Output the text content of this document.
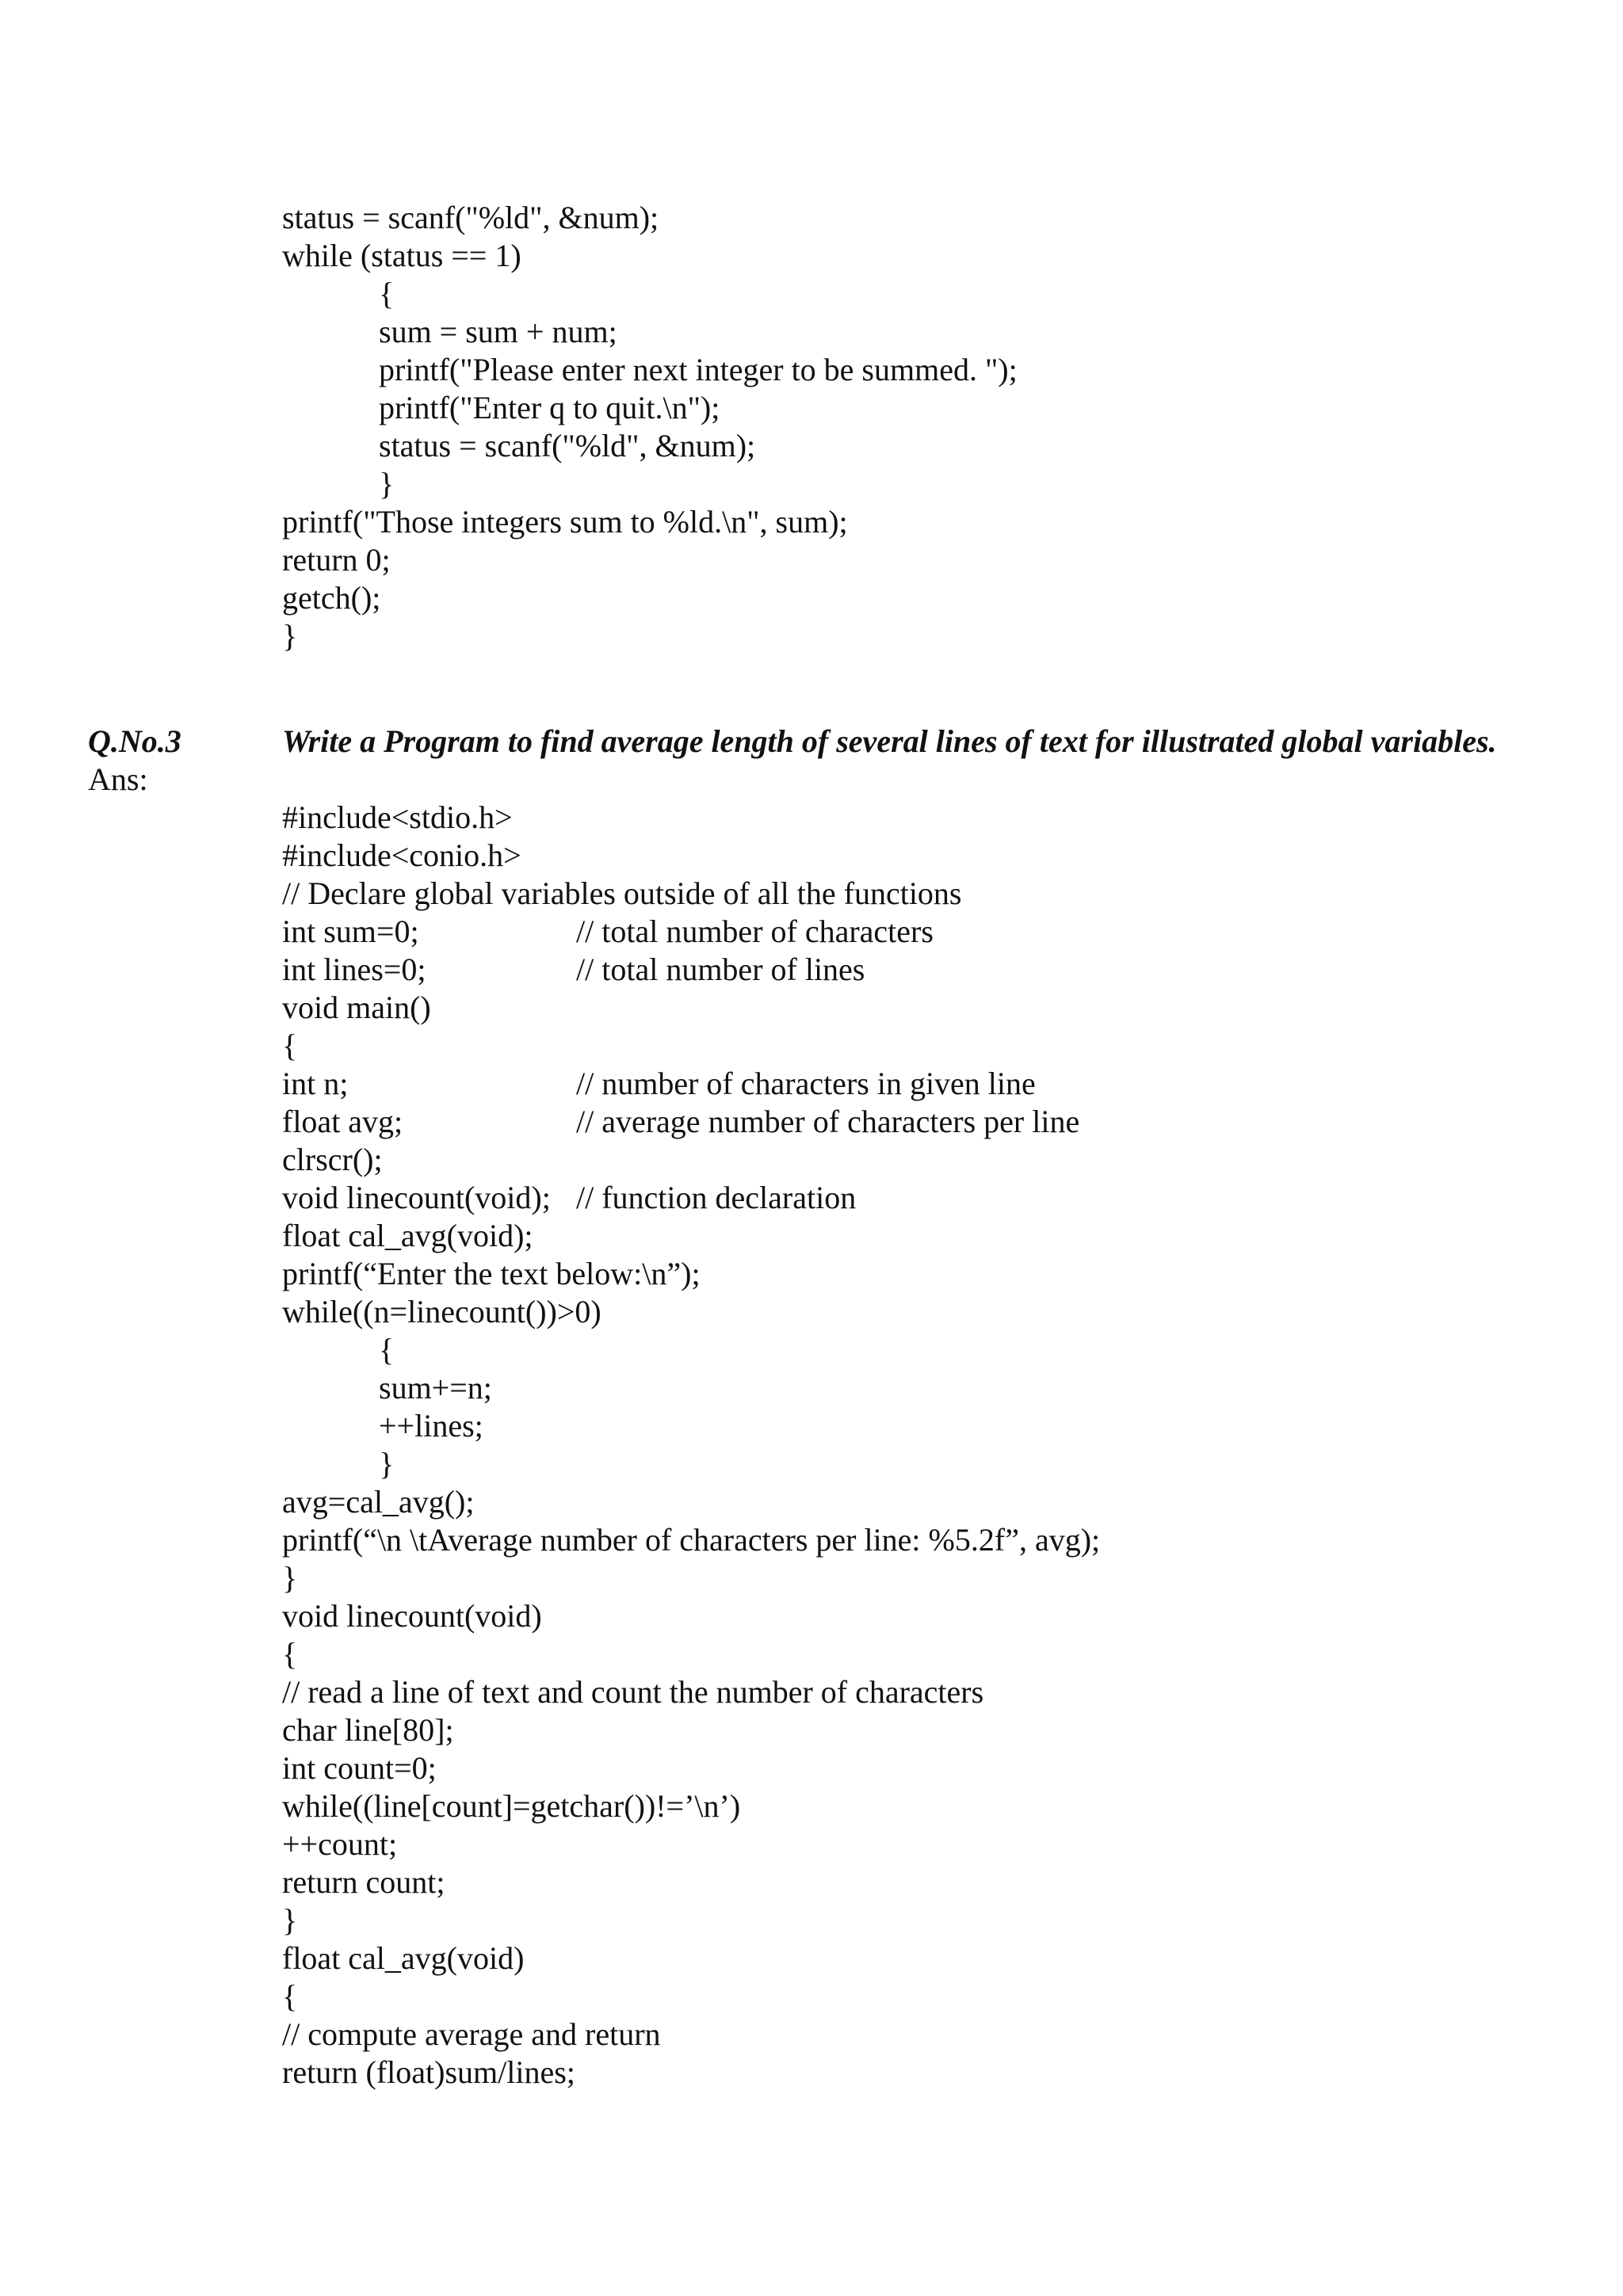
status = scanf("%ld", &num);
while (status == 1)
{
sum = sum + num;
printf("Please enter next integer to be summed. ");
printf("Enter q to quit.\n");
status = scanf("%ld", &num);
}
printf("Those integers sum to %ld.\n", sum);
return 0;
getch();
}
Q.No.3	Write a Program to find average length of several lines of text for illustrated global variables.
Ans:
#include<stdio.h>
#include<conio.h>
// Declare global variables outside of all the functions
int sum=0;	// total number of characters
int lines=0;	// total number of lines
void main()
{
int n;	// number of characters in given line
float avg;	// average number of characters per line
clrscr();
void linecount(void); // function declaration
float cal_avg(void);
printf(“Enter the text below:\n”);
while((n=linecount())>0)
{
sum+=n;
++lines;
}
avg=cal_avg();
printf(“\n \tAverage number of characters per line: %5.2f”, avg);
}
void linecount(void)
{
// read a line of text and count the number of characters
char line[80];
int count=0;
while((line[count]=getchar())!=’\n’)
++count;
return count;
}
float cal_avg(void)
{
// compute average and return
return (float)sum/lines;
